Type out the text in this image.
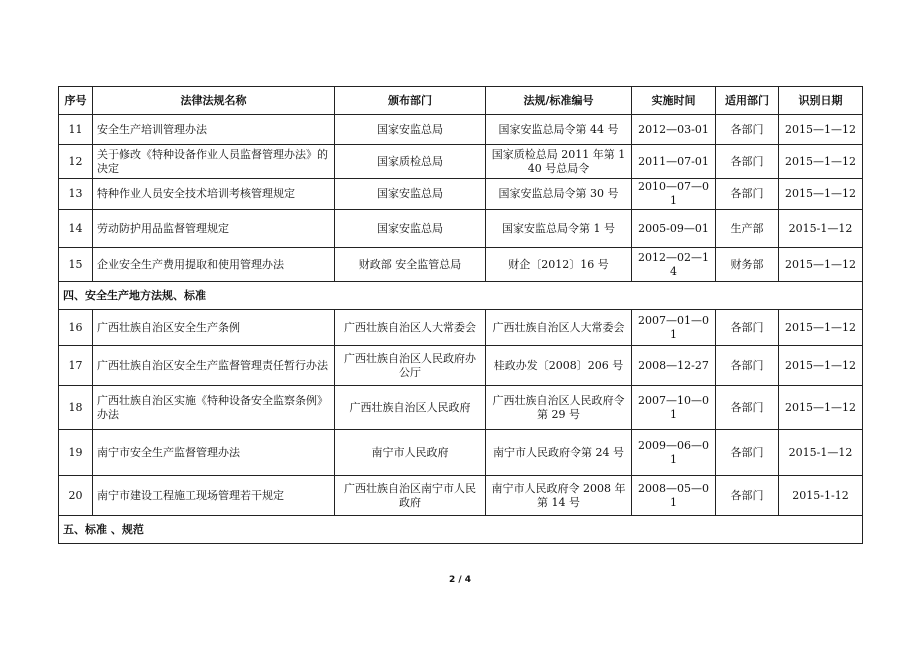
序号	法律法规名称	颁布部门	法规/标准编号	实施时间	适用部门	识别日期
11	安全生产培训管理办法	国家安监总局	国家安监总局令第 44 号	2012—03-01	各部门	2015—1—12
12	关于修改《特种设备作业人员监督管理办法》的决定	国家质检总局	国家质检总局 2011 年第 140 号总局令	2011—07-01	各部门	2015—1—12
13	特种作业人员安全技术培训考核管理规定	国家安监总局	国家安监总局令第 30 号	2010—07—01	各部门	2015—1—12
14	劳动防护用品监督管理规定	国家安监总局	国家安监总局令第 1 号	2005-09—01	生产部	2015-1—12
15	企业安全生产费用提取和使用管理办法	财政部 安全监管总局	财企〔2012〕16 号	2012—02—14	财务部	2015—1—12
四、安全生产地方法规、标准						
16	广西壮族自治区安全生产条例	广西壮族自治区人大常委会	广西壮族自治区人大常委会	2007—01—01	各部门	2015—1—12
17	广西壮族自治区安全生产监督管理责任暂行办法	广西壮族自治区人民政府办公厅	桂政办发〔2008〕206 号	2008—12-27	各部门	2015—1—12
18	广西壮族自治区实施《特种设备安全监察条例》办法	广西壮族自治区人民政府	广西壮族自治区人民政府令第 29 号	2007—10—01	各部门	2015—1—12
19	南宁市安全生产监督管理办法	南宁市人民政府	南宁市人民政府令第 24 号	2009—06—01	各部门	2015-1—12
20	南宁市建设工程施工现场管理若干规定	广西壮族自治区南宁市人民政府	南宁市人民政府令 2008 年第 14 号	2008—05—01	各部门	2015-1-12
五、标准 、规范						
2 / 4
